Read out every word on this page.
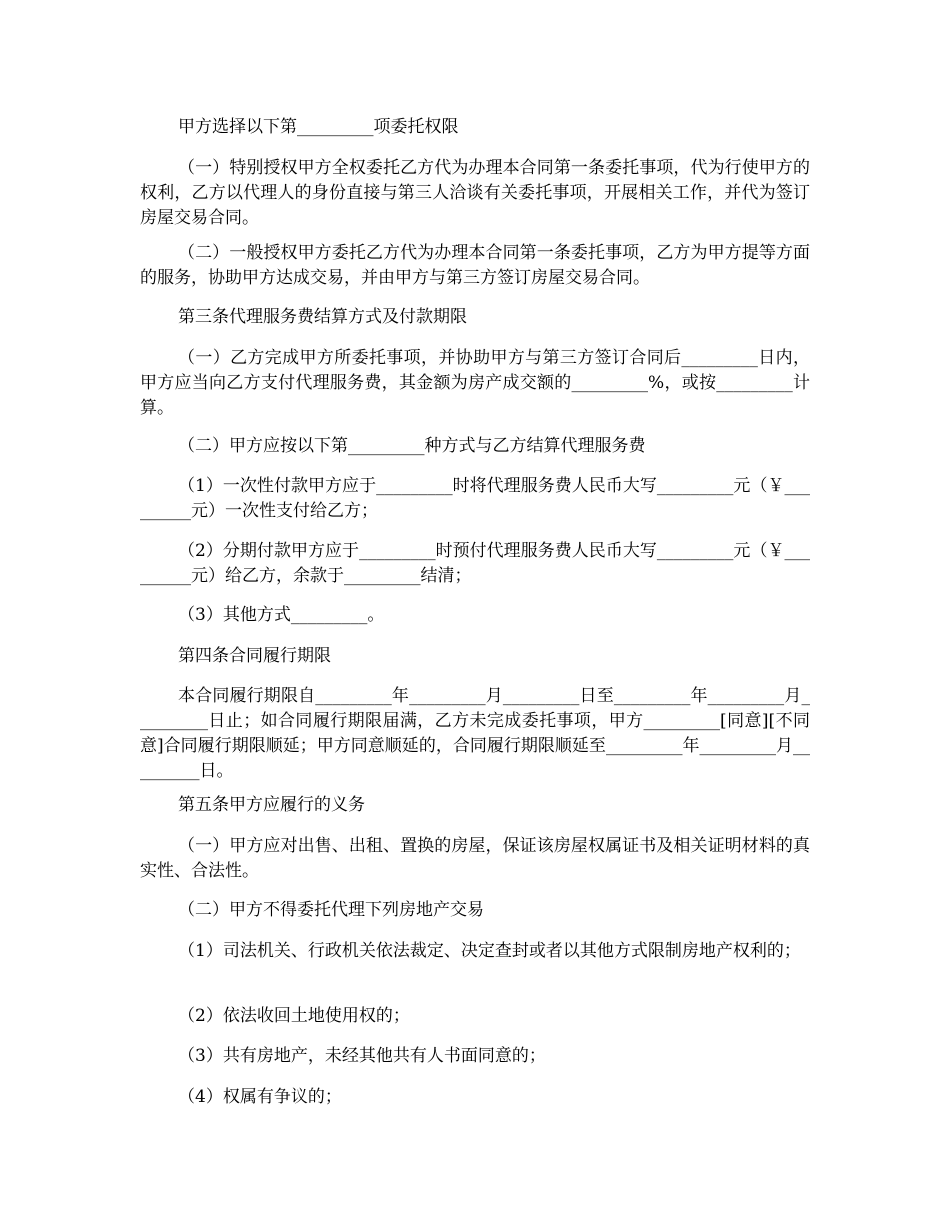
甲方选择以下第_________项委托权限

（一）特别授权甲方全权委托乙方代为办理本合同第一条委托事项，代为行使甲方的权利，乙方以代理人的身份直接与第三人洽谈有关委托事项，开展相关工作，并代为签订房屋交易合同。

（二）一般授权甲方委托乙方代为办理本合同第一条委托事项，乙方为甲方提等方面的服务，协助甲方达成交易，并由甲方与第三方签订房屋交易合同。

第三条代理服务费结算方式及付款期限

（一）乙方完成甲方所委托事项，并协助甲方与第三方签订合同后_________日内，甲方应当向乙方支付代理服务费，其金额为房产成交额的_________%，或按_________计算。

（二）甲方应按以下第_________种方式与乙方结算代理服务费

（1）一次性付款甲方应于_________时将代理服务费人民币大写_________元（￥_________元）一次性支付给乙方；

（2）分期付款甲方应于_________时预付代理服务费人民币大写_________元（￥_________元）给乙方，余款于_________结清；

（3）其他方式_________。

第四条合同履行期限

本合同履行期限自_________年_________月_________日至_________年_________月_________日止；如合同履行期限届满，乙方未完成委托事项，甲方_________[同意][不同意]合同履行期限顺延；甲方同意顺延的，合同履行期限顺延至_________年_________月_________日。

第五条甲方应履行的义务

（一）甲方应对出售、出租、置换的房屋，保证该房屋权属证书及相关证明材料的真实性、合法性。

（二）甲方不得委托代理下列房地产交易

（1）司法机关、行政机关依法裁定、决定查封或者以其他方式限制房地产权利的；

（2）依法收回土地使用权的；

（3）共有房地产，未经其他共有人书面同意的；

（4）权属有争议的；
